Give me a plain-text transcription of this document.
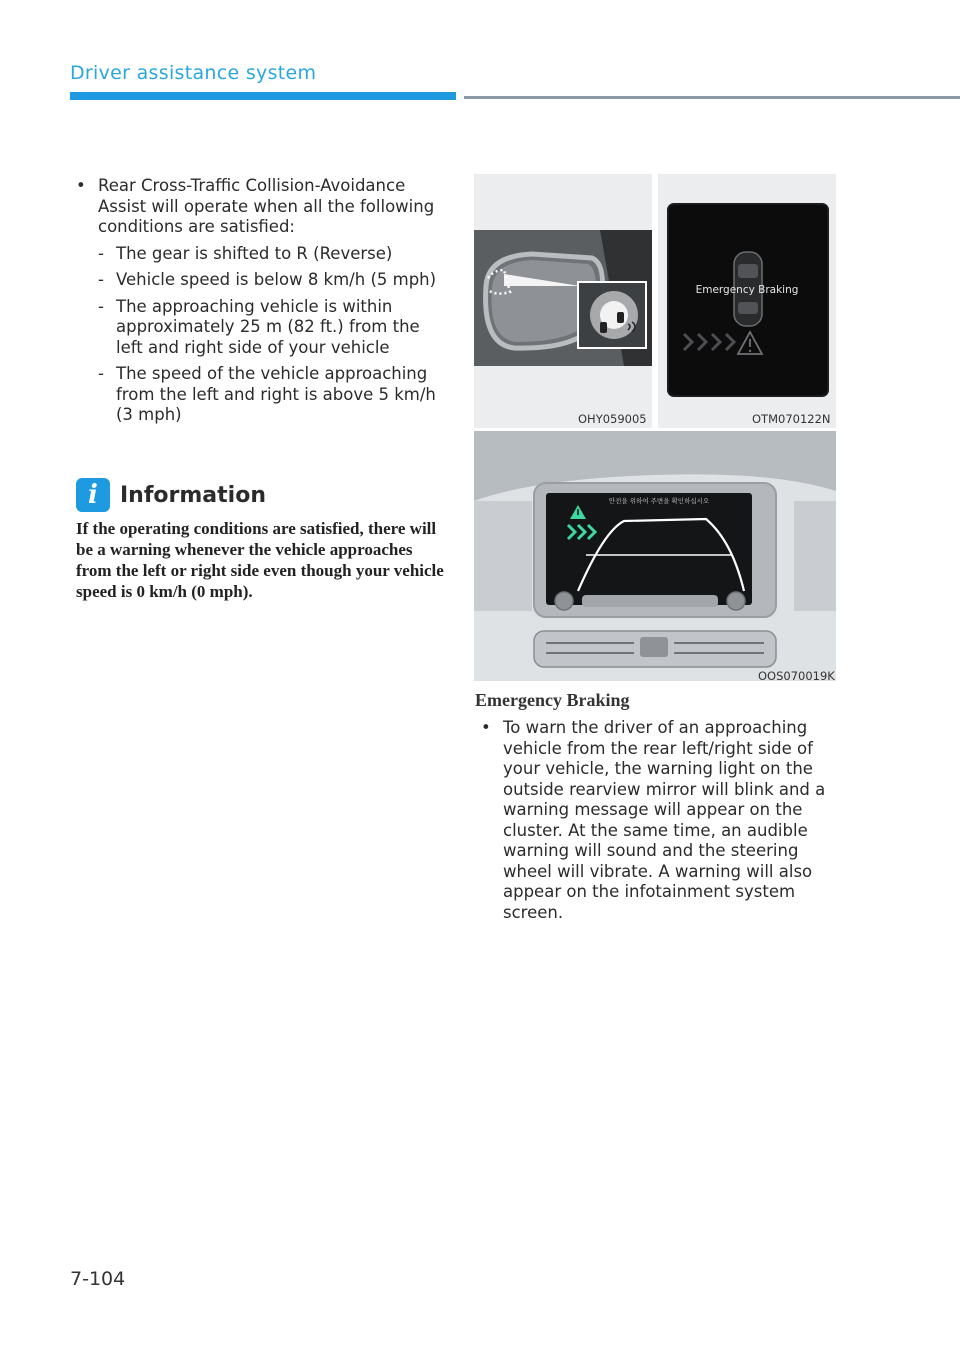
Driver assistance system
• Rear Cross-Traffic Collision-Avoidance Assist will operate when all the following conditions are satisfied:
- The gear is shifted to R (Reverse)
- Vehicle speed is below 8 km/h (5 mph)
- The approaching vehicle is within approximately 25 m (82 ft.) from the left and right side of your vehicle
- The speed of the vehicle approaching from the left and right is above 5 km/h (3 mph)
i	Information
If the operating conditions are satisfied, there will be a warning whenever the vehicle approaches from the left or right side even though your vehicle speed is 0 km/h (0 mph).
OHY059005
Emergency Braking
OTM070122N
안전을 위하여 주변을 확인하십시오
OOS070019K
Emergency Braking
• To warn the driver of an approaching vehicle from the rear left/right side of your vehicle, the warning light on the outside rearview mirror will blink and a warning message will appear on the cluster. At the same time, an audible warning will sound and the steering wheel will vibrate. A warning will also appear on the infotainment system screen.
7-104
